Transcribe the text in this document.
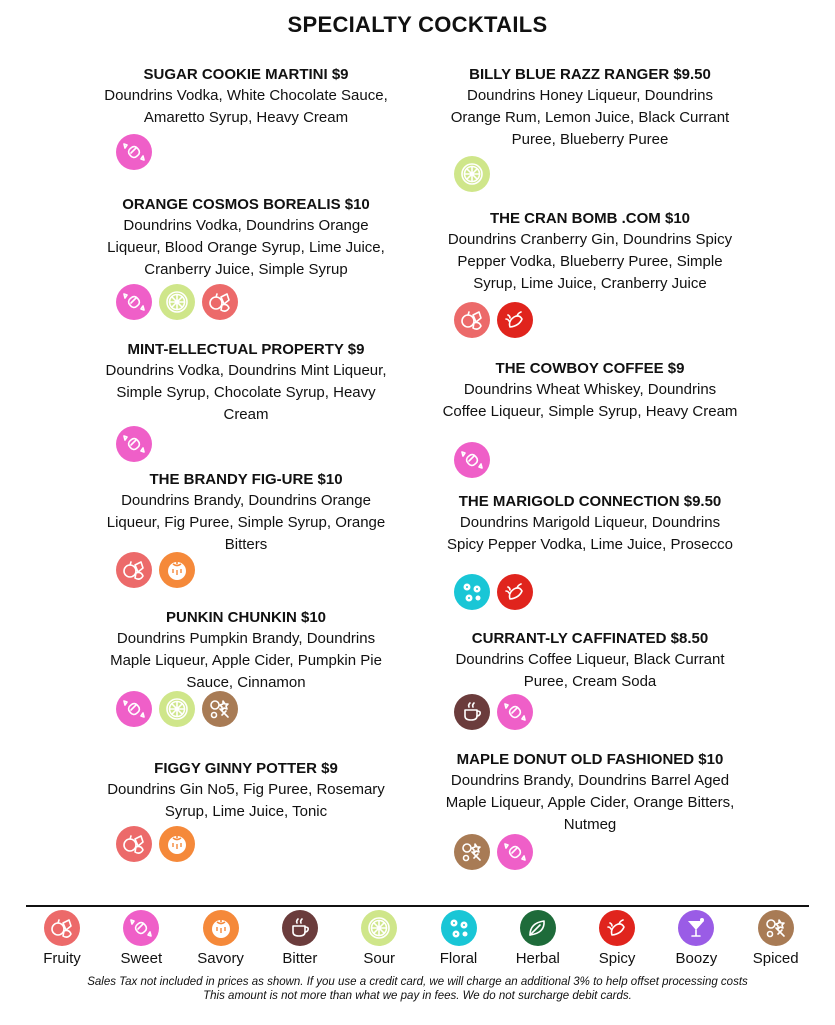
SPECIALTY COCKTAILS
SUGAR COOKIE MARTINI $9

Doundrins Vodka, White Chocolate Sauce, Amaretto Syrup, Heavy Cream

ORANGE COSMOS BOREALIS $10

Doundrins Vodka, Doundrins Orange Liqueur, Blood Orange Syrup, Lime Juice, Cranberry Juice, Simple Syrup

MINT-ELLECTUAL PROPERTY $9

Doundrins Vodka, Doundrins Mint Liqueur, Simple Syrup, Chocolate Syrup, Heavy Cream

THE BRANDY FIG-URE $10

Doundrins Brandy, Doundrins Orange Liqueur, Fig Puree, Simple Syrup, Orange Bitters

PUNKIN CHUNKIN $10

Doundrins Pumpkin Brandy, Doundrins Maple Liqueur, Apple Cider, Pumpkin Pie Sauce, Cinnamon

FIGGY GINNY POTTER $9

Doundrins Gin No5, Fig Puree, Rosemary Syrup, Lime Juice, Tonic

BILLY BLUE RAZZ RANGER $9.50

Doundrins Honey Liqueur, Doundrins Orange Rum, Lemon Juice, Black Currant Puree, Blueberry Puree

THE CRAN BOMB .COM $10

Doundrins Cranberry Gin, Doundrins Spicy Pepper Vodka, Blueberry Puree, Simple Syrup, Lime Juice, Cranberry Juice

THE COWBOY COFFEE $9

Doundrins Wheat Whiskey, Doundrins Coffee Liqueur, Simple Syrup, Heavy Cream

THE MARIGOLD CONNECTION $9.50

Doundrins Marigold Liqueur, Doundrins Spicy Pepper Vodka, Lime Juice, Prosecco

CURRANT-LY CAFFINATED $8.50

Doundrins Coffee Liqueur, Black Currant Puree, Cream Soda

MAPLE DONUT OLD FASHIONED $10

Doundrins Brandy, Doundrins Barrel Aged Maple Liqueur, Apple Cider, Orange Bitters, Nutmeg

Fruity	Sweet	Savory	Bitter	Sour	Floral	Herbal	Spicy	Boozy	Spiced
Sales Tax not included in prices as shown. If you use a credit card, we will charge an additional 3% to help offset processing costs
This amount is not more than what we pay in fees. We do not surcharge debit cards.
